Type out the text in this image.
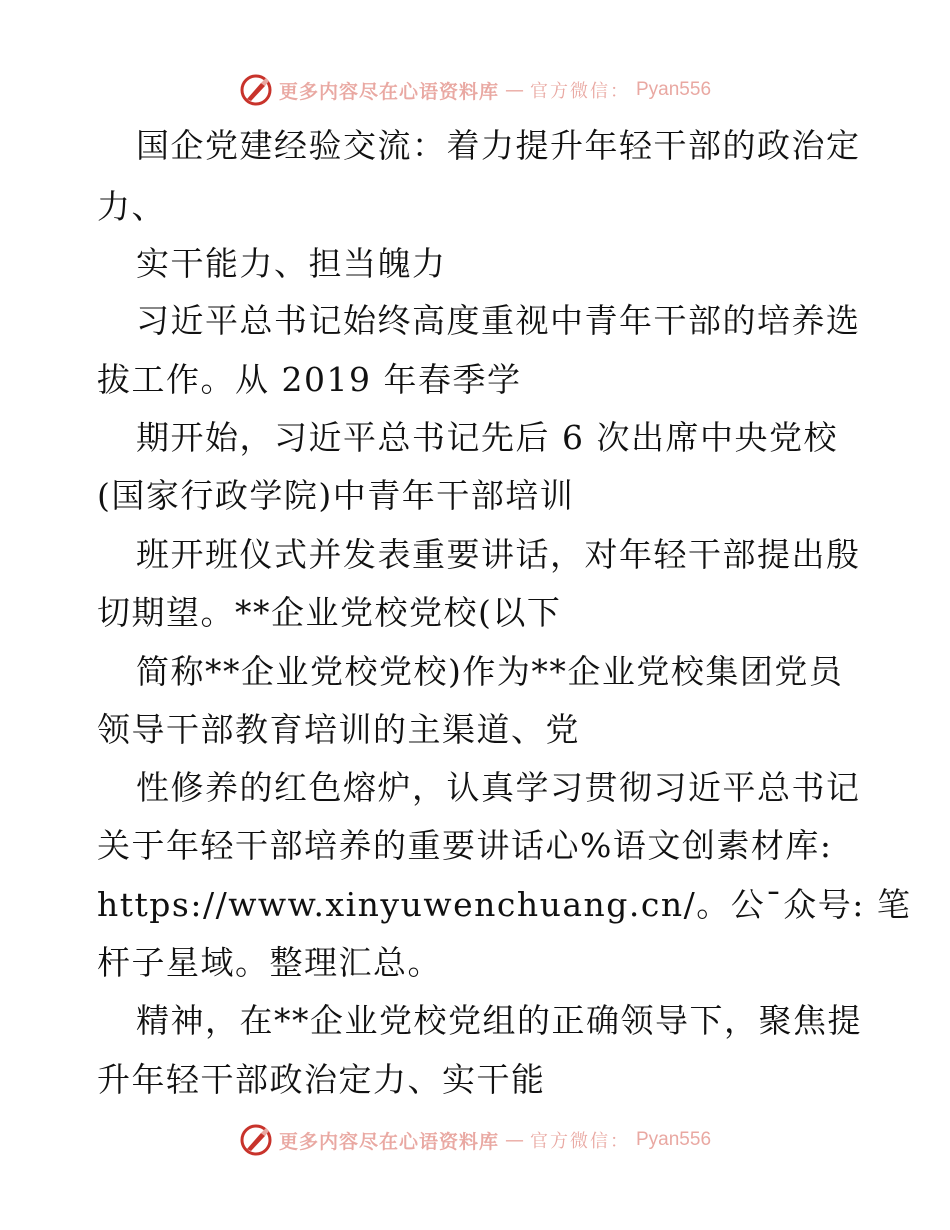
更多内容尽在心语资料库 — 官方微信： Pyan556
国企党建经验交流：着力提升年轻干部的政治定
力、
实干能力、担当魄力
习近平总书记始终高度重视中青年干部的培养选
拔工作。从 2019 年春季学
期开始，习近平总书记先后 6 次出席中央党校
(国家行政学院)中青年干部培训
班开班仪式并发表重要讲话，对年轻干部提出殷
切期望。**企业党校党校(以下
简称**企业党校党校)作为**企业党校集团党员
领导干部教育培训的主渠道、党
性修养的红色熔炉，认真学习贯彻习近平总书记
关于年轻干部培养的重要讲话心%语文创素材库:
https://www.xinyuwenchuang.cn/。公¯众号: 笔
杆子星域。整理汇总。
精神，在**企业党校党组的正确领导下，聚焦提
升年轻干部政治定力、实干能
更多内容尽在心语资料库 — 官方微信： Pyan556
